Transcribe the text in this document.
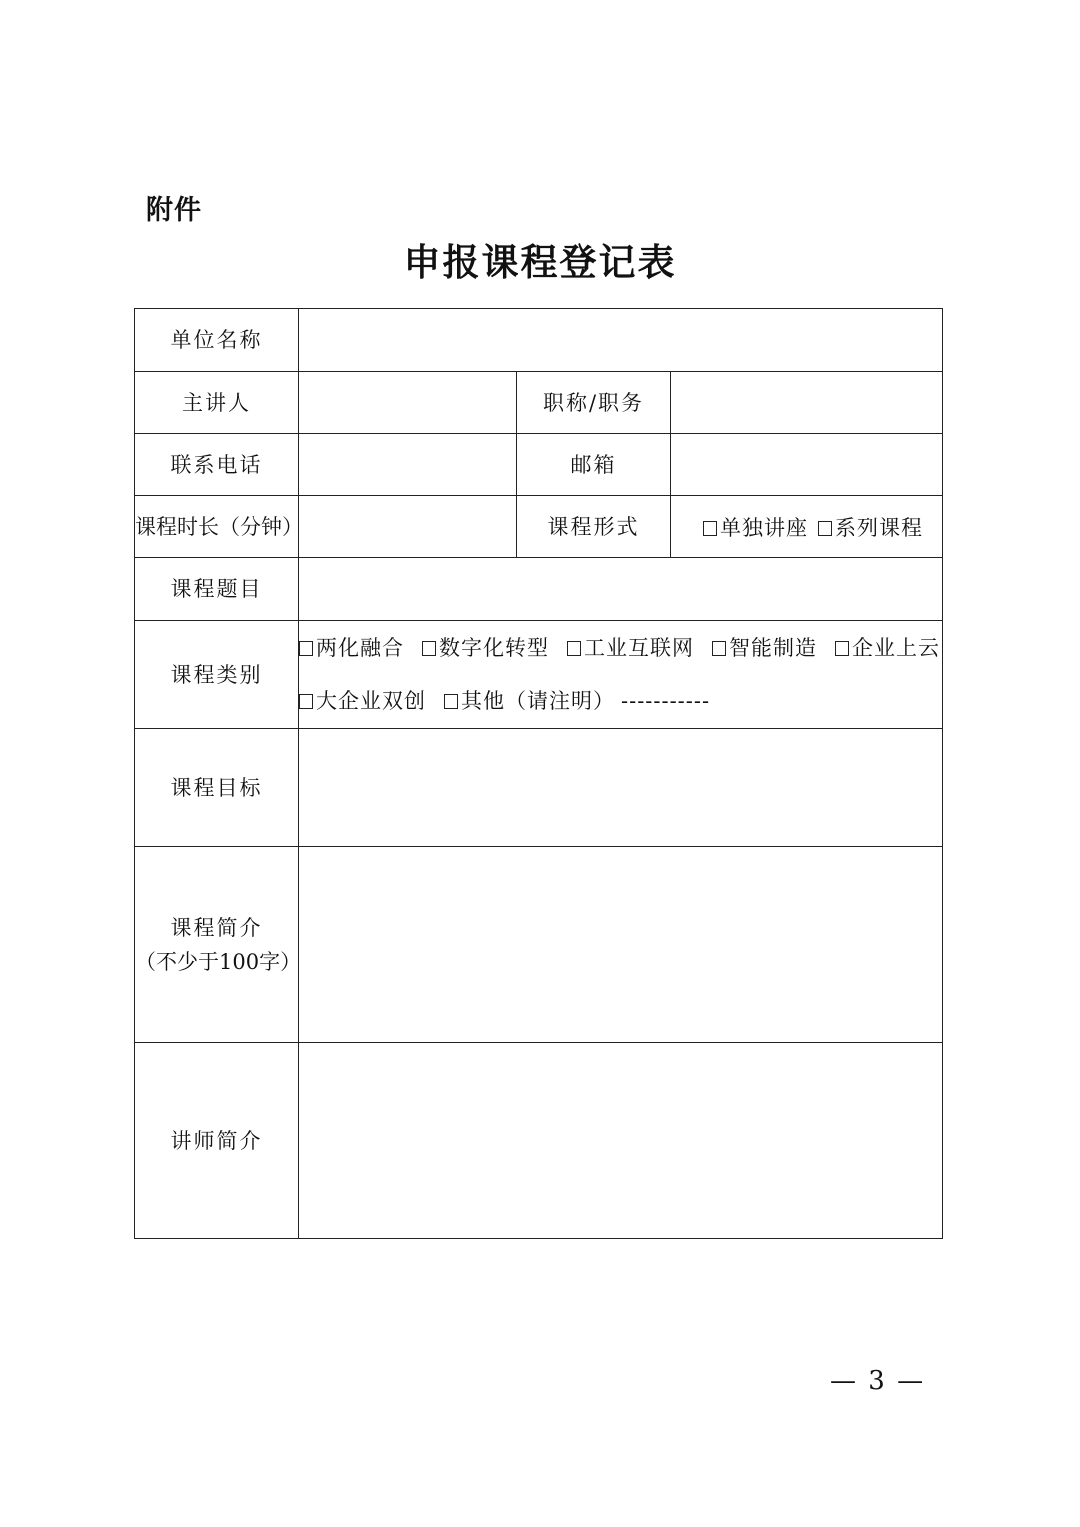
附件
申报课程登记表
单位名称			
主讲人		职称/职务	
联系电话		邮箱	
课程时长（分钟）		课程形式	单独讲座 系列课程
课程题目			
课程类别	两化融合 数字化转型 工业互联网 智能制造 企业上云
大企业双创 其他（请注明） -----------		

课程目标			

课程简介
（不少于100字）			

讲师简介			
— 3 —
